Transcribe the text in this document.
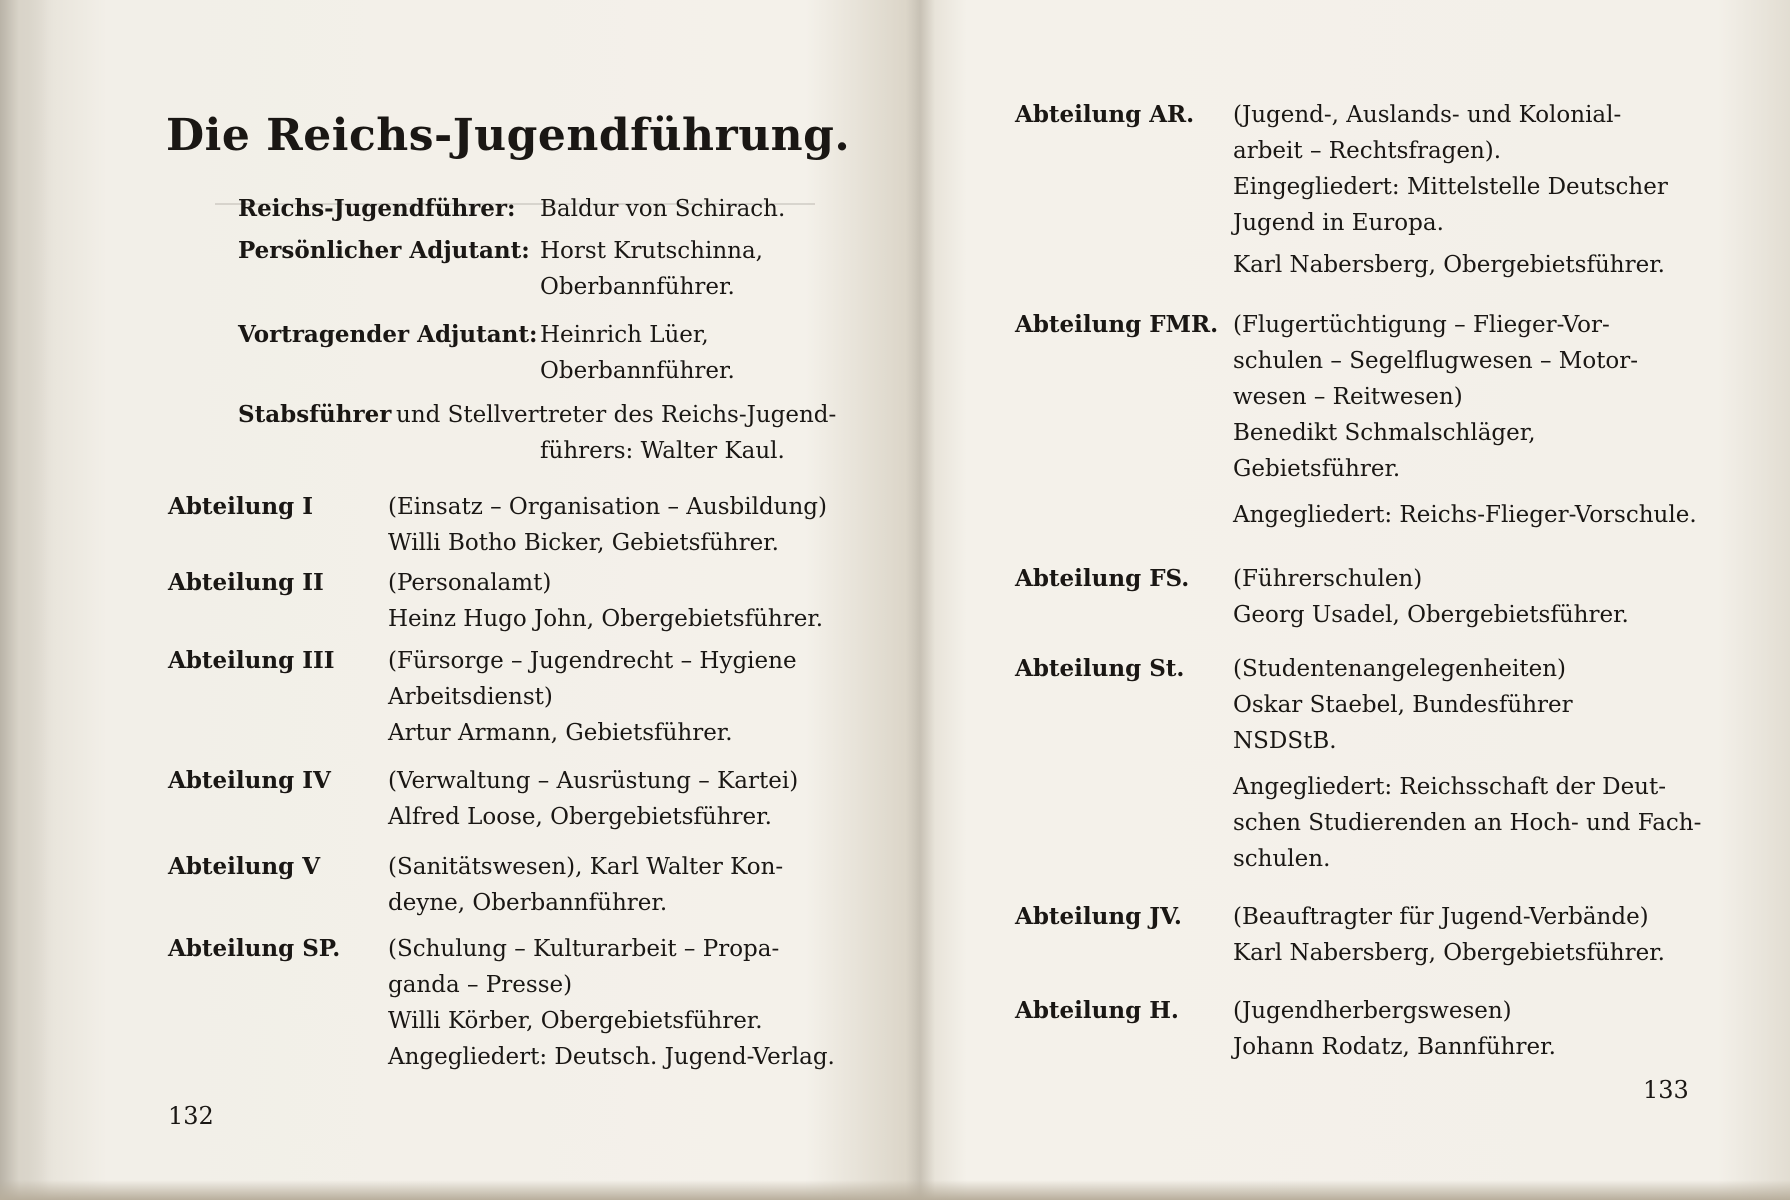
Die Reichs-Jugendführung.
Reichs-Jugendführer: Baldur von Schirach.
Persönlicher Adjutant: Horst Krutschinna,
Oberbannführer.
Vortragender Adjutant: Heinrich Lüer,
Oberbannführer.
Stabsführer und Stellvertreter des Reichs-Jugend-
führers: Walter Kaul.
Abteilung I	(Einsatz – Organisation – Ausbildung)
Willi Botho Bicker, Gebietsführer.
Abteilung II	(Personalamt)
Heinz Hugo John, Obergebietsführer.
Abteilung III (Fürsorge – Jugendrecht – Hygiene
Arbeitsdienst)
Artur Armann, Gebietsführer.
Abteilung IV (Verwaltung – Ausrüstung – Kartei)
Alfred Loose, Obergebietsführer.
Abteilung V	(Sanitätswesen), Karl Walter Kon-
deyne, Oberbannführer.
Abteilung SP. (Schulung – Kulturarbeit – Propa-
ganda – Presse)
Willi Körber, Obergebietsführer.
Angegliedert: Deutsch. Jugend-Verlag.
132
Abteilung AR. (Jugend-, Auslands- und Kolonial-
arbeit – Rechtsfragen).
Eingegliedert: Mittelstelle Deutscher
Jugend in Europa.
Karl Nabersberg, Obergebietsführer.
Abteilung FMR. (Flugertüchtigung – Flieger-Vor-
schulen – Segelflugwesen – Motor-
wesen – Reitwesen)
Benedikt Schmalschläger,
Gebietsführer.
Angegliedert: Reichs-Flieger-Vorschule.
Abteilung FS. (Führerschulen)
Georg Usadel, Obergebietsführer.
Abteilung St. (Studentenangelegenheiten)
Oskar Staebel, Bundesführer
NSDStB.
Angegliedert: Reichsschaft der Deut-
schen Studierenden an Hoch- und Fach-
schulen.
Abteilung JV. (Beauftragter für Jugend-Verbände)
Karl Nabersberg, Obergebietsführer.
Abteilung H. (Jugendherbergswesen)
Johann Rodatz, Bannführer.
133
